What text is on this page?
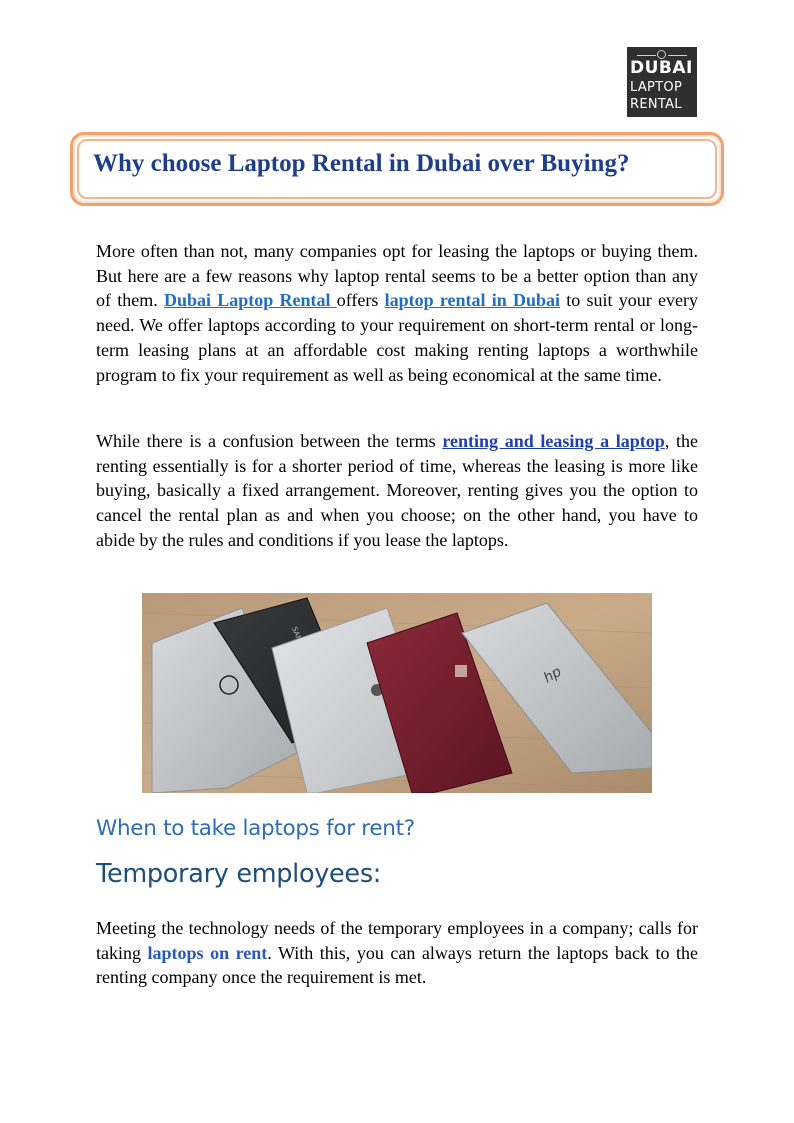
DUBAI
LAPTOP
RENTAL
Why choose Laptop Rental in Dubai over Buying?

More often than not, many companies opt for leasing the laptops or buying them. But here are a few reasons why laptop rental seems to be a better option than any of them. Dubai Laptop Rental offers laptop rental in Dubai to suit your every need. We offer laptops according to your requirement on short-term rental or long-term leasing plans at an affordable cost making renting laptops a worthwhile program to fix your requirement as well as being economical at the same time.

While there is a confusion between the terms renting and leasing a laptop, the renting essentially is for a shorter period of time, whereas the leasing is more like buying, basically a fixed arrangement. Moreover, renting gives you the option to cancel the rental plan as and when you choose; on the other hand, you have to abide by the rules and conditions if you lease the laptops.

hp
When to take laptops for rent?
Temporary employees:

Meeting the technology needs of the temporary employees in a company; calls for taking laptops on rent. With this, you can always return the laptops back to the renting company once the requirement is met.
